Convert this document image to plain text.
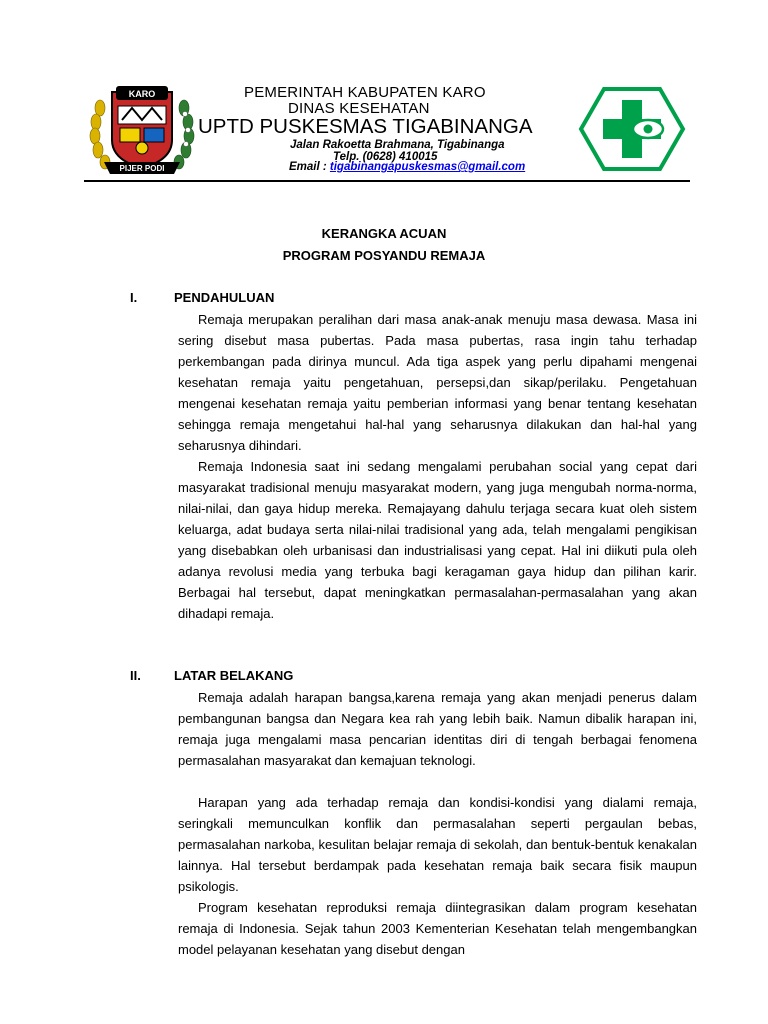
KARO
PIJER PODI
PEMERINTAH KABUPATEN KARO
DINAS KESEHATAN
UPTD PUSKESMAS TIGABINANGA
Jalan Rakoetta Brahmana, Tigabinanga
Telp. (0628) 410015
Email : tigabinangapuskesmas@gmail.com
KERANGKA ACUAN
PROGRAM POSYANDU REMAJA
I.	PENDAHULUAN

Remaja merupakan peralihan dari masa anak-anak menuju masa dewasa. Masa ini sering disebut masa pubertas. Pada masa pubertas, rasa ingin tahu terhadap perkembangan pada dirinya muncul. Ada tiga aspek yang perlu dipahami mengenai kesehatan remaja yaitu pengetahuan, persepsi,dan sikap/perilaku. Pengetahuan mengenai kesehatan remaja yaitu pemberian informasi yang benar tentang kesehatan sehingga remaja mengetahui hal-hal yang seharusnya dilakukan dan hal-hal yang seharusnya dihindari.

Remaja Indonesia saat ini sedang mengalami perubahan social yang cepat dari masyarakat tradisional menuju masyarakat modern, yang juga mengubah norma-norma, nilai-nilai, dan gaya hidup mereka. Remajayang dahulu terjaga secara kuat oleh sistem keluarga, adat budaya serta nilai-nilai tradisional yang ada, telah mengalami pengikisan yang disebabkan oleh urbanisasi dan industrialisasi yang cepat. Hal ini diikuti pula oleh adanya revolusi media yang terbuka bagi keragaman gaya hidup dan pilihan karir. Berbagai hal tersebut, dapat meningkatkan permasalahan-permasalahan yang akan dihadapi remaja.

II.	LATAR BELAKANG

Remaja adalah harapan bangsa,karena remaja yang akan menjadi penerus dalam pembangunan bangsa dan Negara kea rah yang lebih baik. Namun dibalik harapan ini, remaja juga mengalami masa pencarian identitas diri di tengah berbagai fenomena permasalahan masyarakat dan kemajuan teknologi.

Harapan yang ada terhadap remaja dan kondisi-kondisi yang dialami remaja, seringkali memunculkan konflik dan permasalahan seperti pergaulan bebas, permasalahan narkoba, kesulitan belajar remaja di sekolah, dan bentuk-bentuk kenakalan lainnya. Hal tersebut berdampak pada kesehatan remaja baik secara fisik maupun psikologis.

Program kesehatan reproduksi remaja diintegrasikan dalam program kesehatan remaja di Indonesia. Sejak tahun 2003 Kementerian Kesehatan telah mengembangkan model pelayanan kesehatan yang disebut dengan
